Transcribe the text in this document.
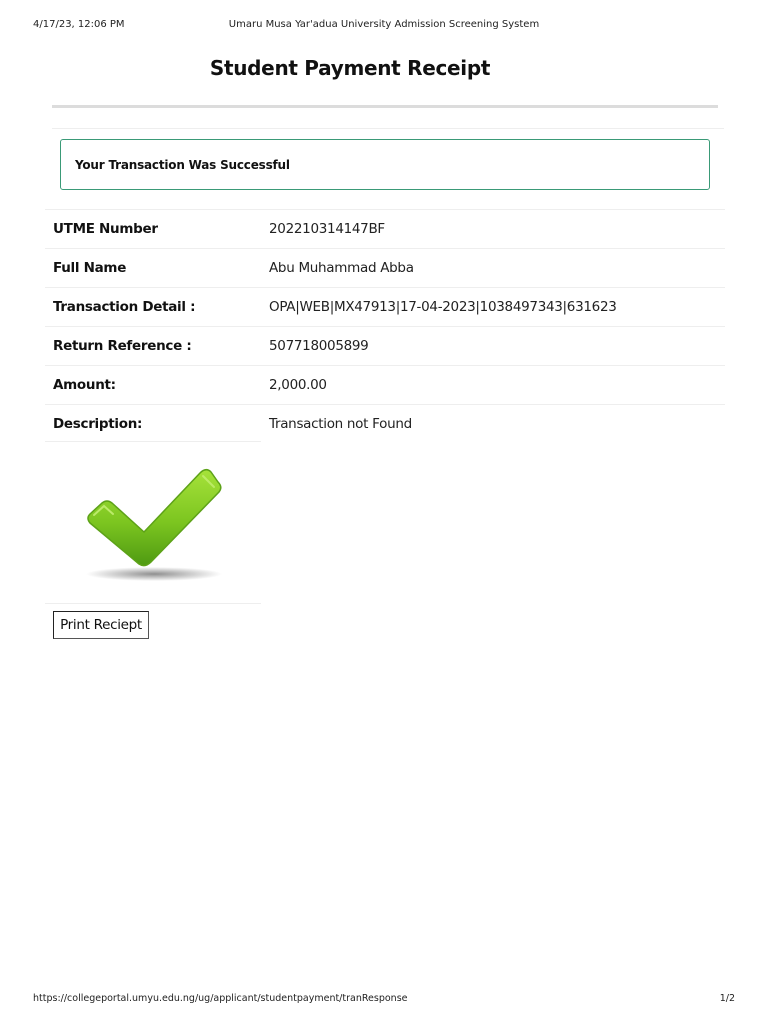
4/17/23, 12:06 PM	Umaru Musa Yar'adua University Admission Screening System
Student Payment Receipt
Your Transaction Was Successful
UTME Number	202210314147BF
Full Name	Abu Muhammad Abba
Transaction Detail :	OPA|WEB|MX47913|17-04-2023|1038497343|631623
Return Reference :	507718005899
Amount:	2,000.00
Description:	Transaction not Found
Print Reciept
https://collegeportal.umyu.edu.ng/ug/applicant/studentpayment/tranResponse	1/2
